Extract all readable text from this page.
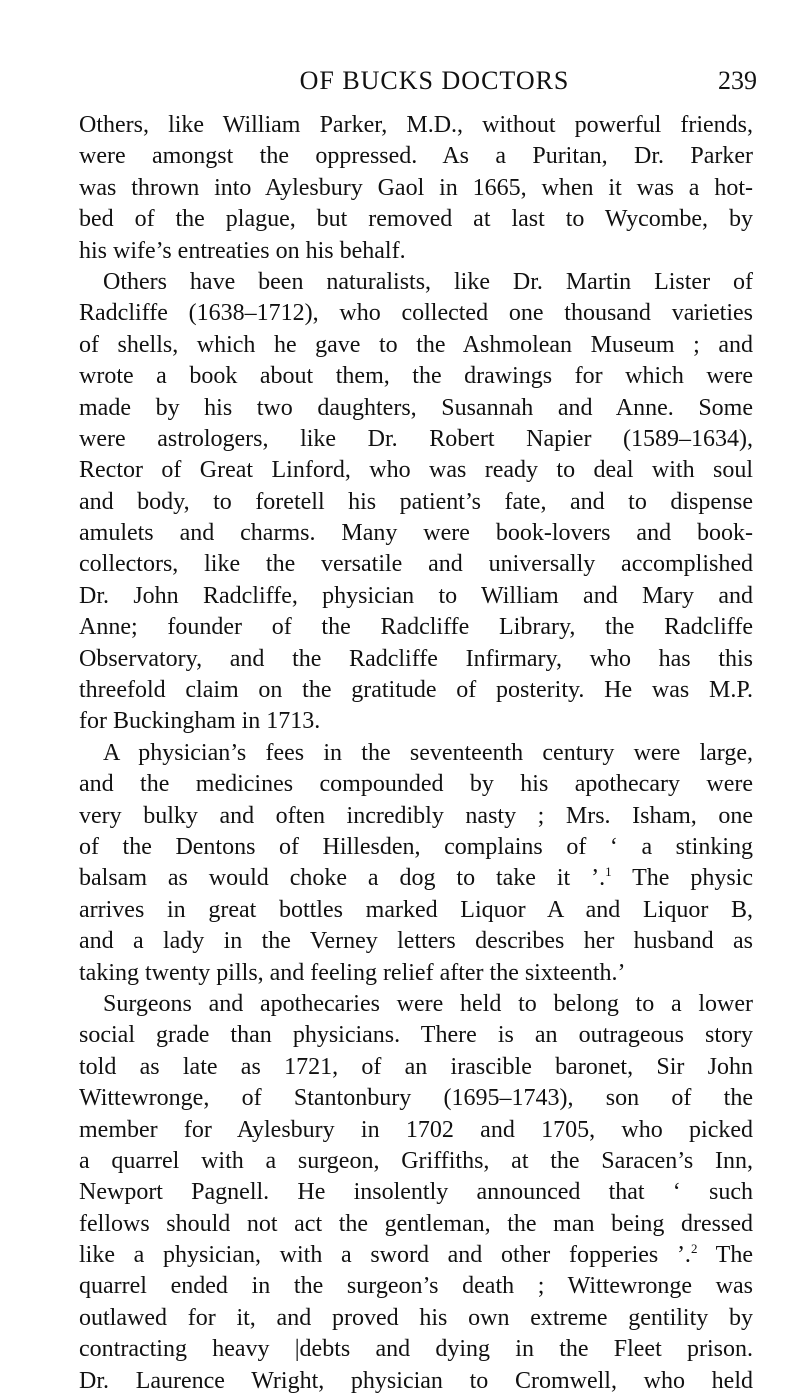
OF BUCKS DOCTORS	239
Others, like William Parker, M.D., without powerful friends,
were amongst the oppressed. As a Puritan, Dr. Parker
was thrown into Aylesbury Gaol in 1665, when it was a hot-
bed of the plague, but removed at last to Wycombe, by
his wife’s entreaties on his behalf.
Others have been naturalists, like Dr. Martin Lister of
Radcliffe (1638–1712), who collected one thousand varieties
of shells, which he gave to the Ashmolean Museum ; and
wrote a book about them, the drawings for which were
made by his two daughters, Susannah and Anne. Some
were astrologers, like Dr. Robert Napier (1589–1634),
Rector of Great Linford, who was ready to deal with soul
and body, to foretell his patient’s fate, and to dispense
amulets and charms. Many were book-lovers and book-
collectors, like the versatile and universally accomplished
Dr. John Radcliffe, physician to William and Mary and
Anne; founder of the Radcliffe Library, the Radcliffe
Observatory, and the Radcliffe Infirmary, who has this
threefold claim on the gratitude of posterity. He was M.P.
for Buckingham in 1713.
A physician’s fees in the seventeenth century were large,
and the medicines compounded by his apothecary were
very bulky and often incredibly nasty ; Mrs. Isham, one
of the Dentons of Hillesden, complains of ‘ a stinking
balsam as would choke a dog to take it ’.$^1$ The physic
arrives in great bottles marked Liquor A and Liquor B,
and a lady in the Verney letters describes her husband as
taking twenty pills, and feeling relief after the sixteenth.’
Surgeons and apothecaries were held to belong to a lower
social grade than physicians. There is an outrageous story
told as late as 1721, of an irascible baronet, Sir John
Wittewronge, of Stantonbury (1695–1743), son of the
member for Aylesbury in 1702 and 1705, who picked
a quarrel with a surgeon, Griffiths, at the Saracen’s Inn,
Newport Pagnell. He insolently announced that ‘ such
fellows should not act the gentleman, the man being dressed
like a physician, with a sword and other fopperies ’.$^2$ The
quarrel ended in the surgeon’s death ; Wittewronge was
outlawed for it, and proved his own extreme gentility by
contracting heavy |debts and dying in the Fleet prison.
Dr. Laurence Wright, physician to Cromwell, who held
